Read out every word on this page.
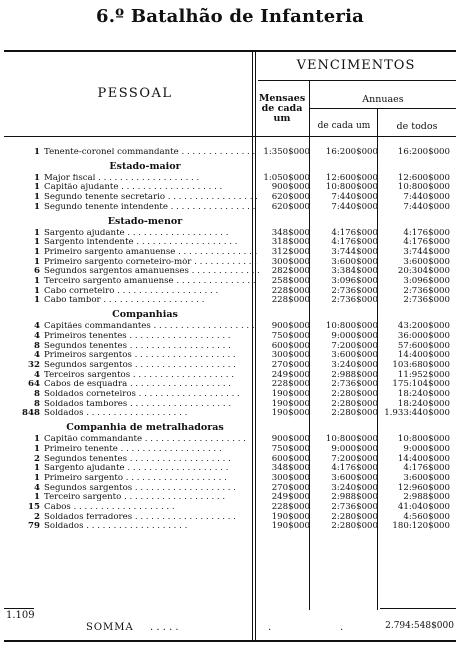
6.º Batalhão de Infanteria
PESSOAL
VENCIMENTOS
Mensaes de cada um
Annuaes
de cada um	de todos
1 Tenente-coronel commandante . .	1:350$000	16:200$000	16:200$000
Estado-maior
1 Major fiscal . .	1:050$000	12:600$000	12:600$000
1 Capitão ajudante . .	900$000	10:800$000	10:800$000
1 Segundo tenente secretario . .	620$000	7:440$000	7:440$000
1 Segundo tenente intendente . .	620$000	7:440$000	7:440$000
Estado-menor
1 Sargento ajudante . .	348$000	4:176$000	4:176$000
1 Sargento intendente . .	318$000	4:176$000	4:176$000
1 Primeiro sargento amanuense . .	312$000	3:744$000	3:744$000
1 Primeiro sargento corneteiro-mór . .	300$000	3:600$000	3:600$000
6 Segundos sargentos amanuenses . .	282$000	3:384$000	20:304$000
1 Terceiro sargento amanuense . .	258$000	3:096$000	3:096$000
1 Cabo corneteiro . .	228$000	2:736$000	2:736$000
1 Cabo tambor . .	228$000	2:736$000	2:736$000
Companhias
4 Capitães commandantes . .	900$000	10:800$000	43:200$000
4 Primeiros tenentes . .	750$000	9:000$000	36:000$000
8 Segundos tenentes . .	600$000	7:200$000	57:600$000
4 Primeiros sargentos . .	300$000	3:600$000	14:400$000
32 Segundos sargentos . .	270$000	3:240$000	103:680$000
4 Terceiros sargentos . .	249$000	2:988$000	11:952$000
64 Cabos de esquadra . .	228$000	2:736$000	175:104$000
8 Soldados corneteiros . .	190$000	2:280$000	18:240$000
8 Soldados tambores . .	190$000	2:280$000	18:240$000
848 Soldados . .	190$000	2:280$000 1.933:440$000
Companhia de metralhadoras
1 Capitão commandante . .	900$000	10:800$000	10:800$000
1 Primeiro tenente . .	750$000	9:000$000	9:000$000
2 Segundos tenentes . .	600$000	7:200$000	14:400$000
1 Sargento ajudante . .	348$000	4:176$000	4:176$000
1 Primeiro sargento . .	300$000	3:600$000	3:600$000
4 Segundos sargentos . .	270$000	3:240$000	12:960$000
1 Terceiro sargento . .	249$000	2:988$000	2:988$000
15 Cabos . .	228$000	2:736$000	41:040$000
2 Soldados ferradores . .	190$000	2:280$000	4:560$000
79 Soldados . .	190$000	2:280$000	180:120$000
1.109
SOMMA . . . . .	.	.	2.794:548$000
